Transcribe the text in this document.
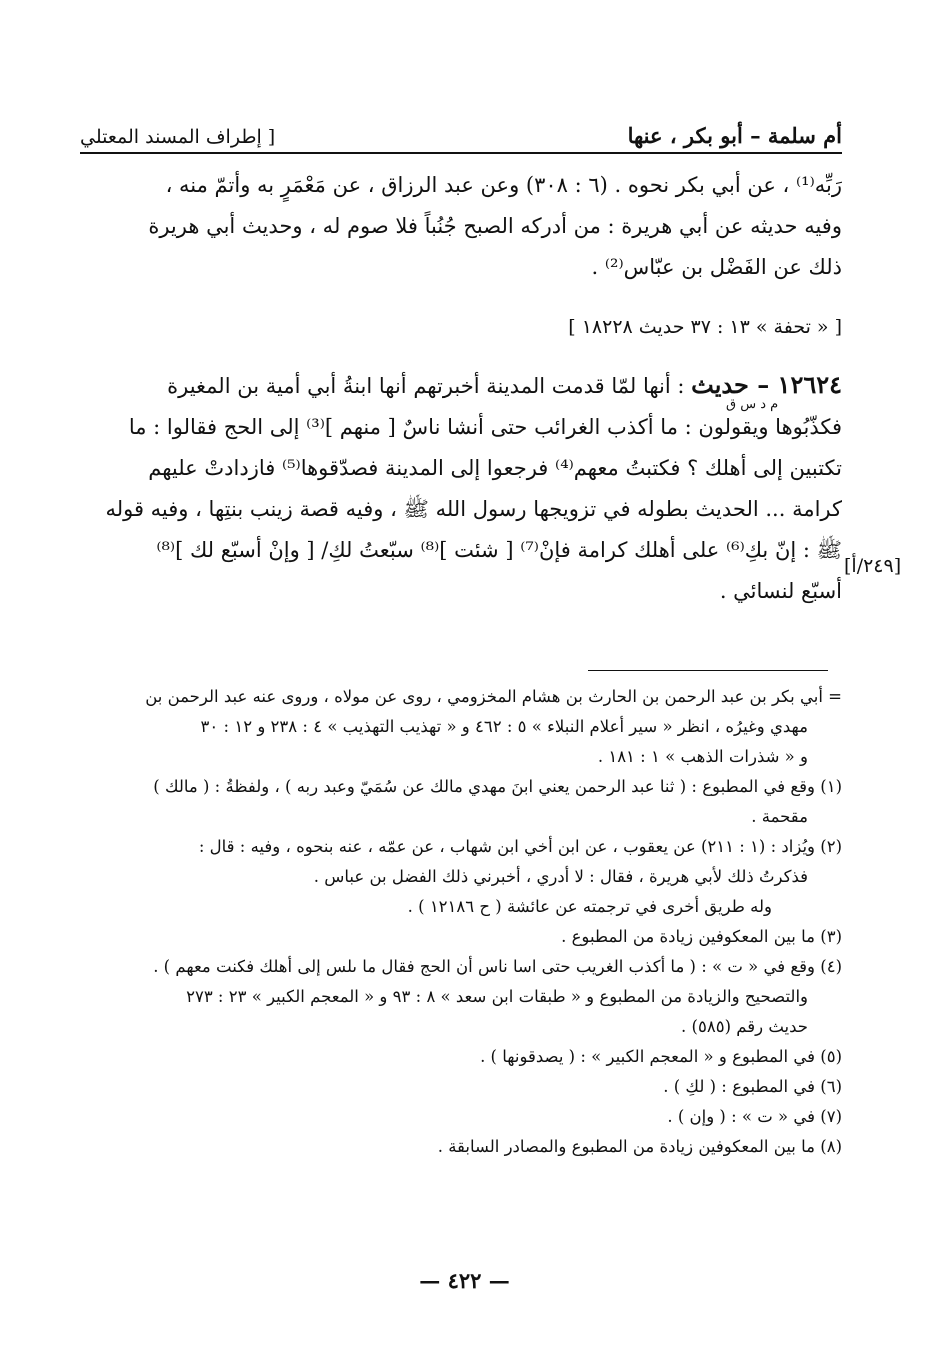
أم سلمة – أبو بكر ، عنها
[ إطراف المسند المعتلي
رَبِّه⁽¹⁾ ، عن أبي بكر نحوه . (٦ : ٣٠٨) وعن عبد الرزاق ، عن مَعْمَرٍ به وأتمّ منه ،
وفيه حديثه عن أبي هريرة : من أدركه الصبح جُنُباً فلا صوم له ، وحديث أبي هريرة
ذلك عن الفَضْل بن عبّاس⁽²⁾ .
[ « تحفة » ١٣ : ٣٧ حديث ١٨٢٢٨ ]
١٢٦٢٤ – حديث : أنها لمّا قدمت المدينة أخبرتهم أنها ابنةُ أبي أمية بن المغيرة
فكذّبُوها ويقولون : ما أكذب الغرائب حتى أنشا ناسٌ [ منهم ]⁽³⁾ إلى الحج فقالوا : ما
تكتبين إلى أهلك ؟ فكتبتُ معهم⁽⁴⁾ فرجعوا إلى المدينة فصدّقوها⁽⁵⁾ فازدادتْ عليهم
كرامة ... الحديث بطوله في تزويجها رسول الله ﷺ ، وفيه قصة زينب بنتِها ، وفيه قوله
ﷺ : إنّ بكِ⁽⁶⁾ على أهلك كرامة فإنْ⁽⁷⁾ [ شئت ]⁽⁸⁾ سبّعتُ لكِ/ [ وإنْ أسبّع لك ]⁽⁸⁾
أسبّع لنسائي .
م د س ق
[٢٤٩/أ]
= أبي بكر بن عبد الرحمن بن الحارث بن هشام المخزومي ، روى عن مولاه ، وروى عنه عبد الرحمن بن
مهدي وغيرُه ، انظر « سير أعلام النبلاء » ٥ : ٤٦٢ و « تهذيب التهذيب » ٤ : ٢٣٨ و ١٢ : ٣٠
و « شذرات الذهب » ١ : ١٨١ .
(١) وقع في المطبوع : ( ثنا عبد الرحمن يعني ابنَ مهدي مالك عن سُمَيّ وعبد ربه ) ، ولفظةُ : ( مالك )
مقحمة .
(٢) ويُزاد : (١ : ٢١١) عن يعقوب ، عن ابن أخي ابن شهاب ، عن عمّه ، عنه بنحوه ، وفيه : قال :
فذكرتُ ذلك لأبي هريرة ، فقال : لا أدري ، أخبرني ذلك الفضل بن عباس .
وله طريق أخرى في ترجمته عن عائشة ( ح ١٢١٨٦ ) .
(٣) ما بين المعكوفين زيادة من المطبوع .
(٤) وقع في « ت » : ( ما أكذب الغريب حتى اسا ناس أن الحج فقال ما ىلس إلى أهلك فكنت معهم ) .
والتصحيح والزيادة من المطبوع و « طبقات ابن سعد » ٨ : ٩٣ و « المعجم الكبير » ٢٣ : ٢٧٣
حديث رقم (٥٨٥) .
(٥) في المطبوع و « المعجم الكبير » : ( يصدقونها ) .
(٦) في المطبوع : ( لكِ ) .
(٧) في « ت » : ( وإن ) .
(٨) ما بين المعكوفين زيادة من المطبوع والمصادر السابقة .
— ٤٢٢ —
